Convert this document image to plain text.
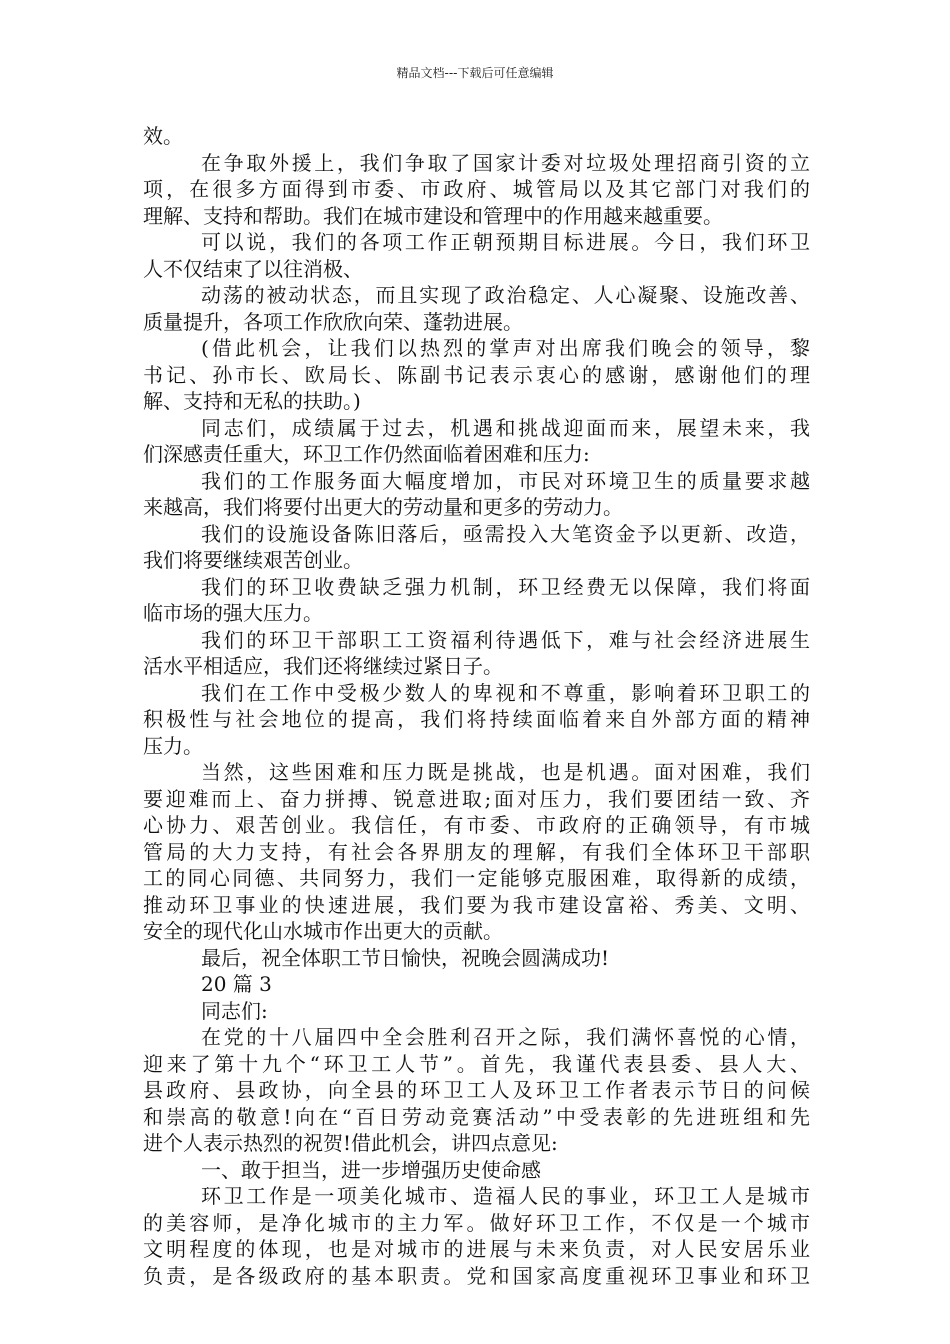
精品文档---下载后可任意编辑
效。
在争取外援上，我们争取了国家计委对垃圾处理招商引资的立
项，在很多方面得到市委、市政府、城管局以及其它部门对我们的
理解、支持和帮助。我们在城市建设和管理中的作用越来越重要。
可以说，我们的各项工作正朝预期目标进展。今日，我们环卫
人不仅结束了以往消极、
动荡的被动状态，而且实现了政治稳定、人心凝聚、设施改善、
质量提升，各项工作欣欣向荣、蓬勃进展。
(借此机会，让我们以热烈的掌声对出席我们晚会的领导，黎
书记、孙市长、欧局长、陈副书记表示衷心的感谢，感谢他们的理
解、支持和无私的扶助。)
同志们，成绩属于过去，机遇和挑战迎面而来，展望未来，我
们深感责任重大，环卫工作仍然面临着困难和压力:
我们的工作服务面大幅度增加，市民对环境卫生的质量要求越
来越高，我们将要付出更大的劳动量和更多的劳动力。
我们的设施设备陈旧落后，亟需投入大笔资金予以更新、改造，
我们将要继续艰苦创业。
我们的环卫收费缺乏强力机制，环卫经费无以保障，我们将面
临市场的强大压力。
我们的环卫干部职工工资福利待遇低下，难与社会经济进展生
活水平相适应，我们还将继续过紧日子。
我们在工作中受极少数人的卑视和不尊重，影响着环卫职工的
积极性与社会地位的提高，我们将持续面临着来自外部方面的精神
压力。
当然，这些困难和压力既是挑战，也是机遇。面对困难，我们
要迎难而上、奋力拼搏、锐意进取;面对压力，我们要团结一致、齐
心协力、艰苦创业。我信任，有市委、市政府的正确领导，有市城
管局的大力支持，有社会各界朋友的理解，有我们全体环卫干部职
工的同心同德、共同努力，我们一定能够克服困难，取得新的成绩，
推动环卫事业的快速进展，我们要为我市建设富裕、秀美、文明、
安全的现代化山水城市作出更大的贡献。
最后，祝全体职工节日愉快，祝晚会圆满成功!
20 篇 3
同志们:
在党的十八届四中全会胜利召开之际，我们满怀喜悦的心情，
迎来了第十九个“环卫工人节”。首先，我谨代表县委、县人大、
县政府、县政协，向全县的环卫工人及环卫工作者表示节日的问候
和崇高的敬意!向在“百日劳动竞赛活动”中受表彰的先进班组和先
进个人表示热烈的祝贺!借此机会，讲四点意见:
一、敢于担当，进一步增强历史使命感
环卫工作是一项美化城市、造福人民的事业，环卫工人是城市
的美容师，是净化城市的主力军。做好环卫工作，不仅是一个城市
文明程度的体现，也是对城市的进展与未来负责，对人民安居乐业
负责，是各级政府的基本职责。党和国家高度重视环卫事业和环卫
